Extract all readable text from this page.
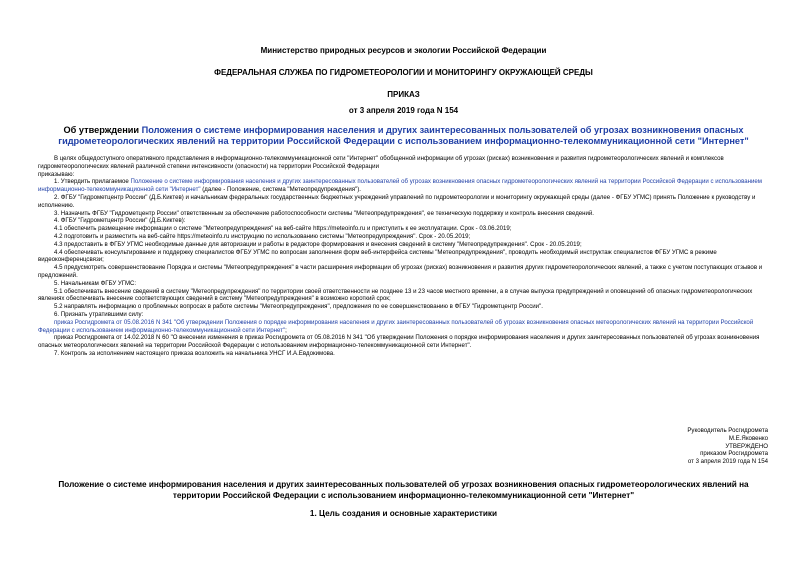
Министерство природных ресурсов и экологии Российской Федерации
ФЕДЕРАЛЬНАЯ СЛУЖБА ПО ГИДРОМЕТЕОРОЛОГИИ И МОНИТОРИНГУ ОКРУЖАЮЩЕЙ СРЕДЫ
ПРИКАЗ
от 3 апреля 2019 года N 154
Об утверждении Положения о системе информирования населения и других заинтересованных пользователей об угрозах возникновения опасных гидрометеорологических явлений на территории Российской Федерации с использованием информационно-телекоммуникационной сети "Интернет"

В целях общедоступного оперативного представления в информационно-телекоммуникационной сети "Интернет" обобщенной информации об угрозах (рисках) возникновения и развития гидрометеорологических явлений и комплексов гидрометеорологических явлений различной степени интенсивности (опасности) на территории Российской Федерации

приказываю:

1. Утвердить прилагаемое Положение о системе информирования населения и других заинтересованных пользователей об угрозах возникновения опасных гидрометеорологических явлений на территории Российской Федерации с использованием информационно-телекоммуникационной сети "Интернет" (далее - Положение, система "Метеопредупреждения").

2. ФГБУ "Гидрометцентр России" (Д.Б.Киктев) и начальникам федеральных государственных бюджетных учреждений управлений по гидрометеорологии и мониторингу окружающей среды (далее - ФГБУ УГМС) принять Положение к руководству и исполнению.

3. Назначить ФГБУ "Гидрометцентр России" ответственным за обеспечение работоспособности системы "Метеопредупреждения", ее техническую поддержку и контроль внесения сведений.

4. ФГБУ "Гидрометцентр России" (Д.Б.Киктев):

4.1 обеспечить размещение информации о системе "Метеопредупреждения" на веб-сайте https://meteoinfo.ru и приступить к ее эксплуатации. Срок - 03.06.2019;

4.2 подготовить и разместить на веб-сайте https://meteoinfo.ru инструкцию по использованию системы "Метеопредупреждения". Срок - 20.05.2019;

4.3 предоставить в ФГБУ УГМС необходимые данные для авторизации и работы в редакторе формирования и внесения сведений в систему "Метеопредупреждения". Срок - 20.05.2019;

4.4 обеспечивать консультирование и поддержку специалистов ФГБУ УГМС по вопросам заполнения форм веб-интерфейса системы "Метеопредупреждения", проводить необходимый инструктаж специалистов ФГБУ УГМС в режиме видеоконференцсвязи;

4.5 предусмотреть совершенствование Порядка и системы "Метеопредупреждения" в части расширения информации об угрозах (рисках) возникновения и развития других гидрометеорологических явлений, а также с учетом поступающих отзывов и предложений.

5. Начальникам ФГБУ УГМС:

5.1 обеспечивать внесение сведений в систему "Метеопредупреждения" по территории своей ответственности не позднее 13 и 23 часов местного времени, а в случае выпуска предупреждений и оповещений об опасных гидрометеорологических явлениях обеспечивать внесение соответствующих сведений в систему "Метеопредупреждения" в возможно короткий срок;

5.2 направлять информацию о проблемных вопросах в работе системы "Метеопредупреждения", предложения по ее совершенствованию в ФГБУ "Гидрометцентр России".

6. Признать утратившими силу:

приказ Росгидромета от 05.08.2016 N 341 "Об утверждении Положения о порядке информирования населения и других заинтересованных пользователей об угрозах возникновения опасных метеорологических явлений на территории Российской Федерации с использованием информационно-телекоммуникационной сети Интернет";

приказ Росгидромета от 14.02.2018 N 60 "О внесении изменения в приказ Росгидромета от 05.08.2016 N 341 "Об утверждении Положения о порядке информирования населения и других заинтересованных пользователей об угрозах возникновения опасных метеорологических явлений на территории Российской Федерации с использованием информационно-телекоммуникационной сети Интернет".

7. Контроль за исполнением настоящего приказа возложить на начальника УНСГ И.А.Евдокимова.

Руководитель Росгидромета
М.Е.Яковенко
УТВЕРЖДЕНО
приказом Росгидромета
от 3 апреля 2019 года N 154
Положение о системе информирования населения и других заинтересованных пользователей об угрозах возникновения опасных гидрометеорологических явлений на территории Российской Федерации с использованием информационно-телекоммуникационной сети "Интернет"
1. Цель создания и основные характеристики
